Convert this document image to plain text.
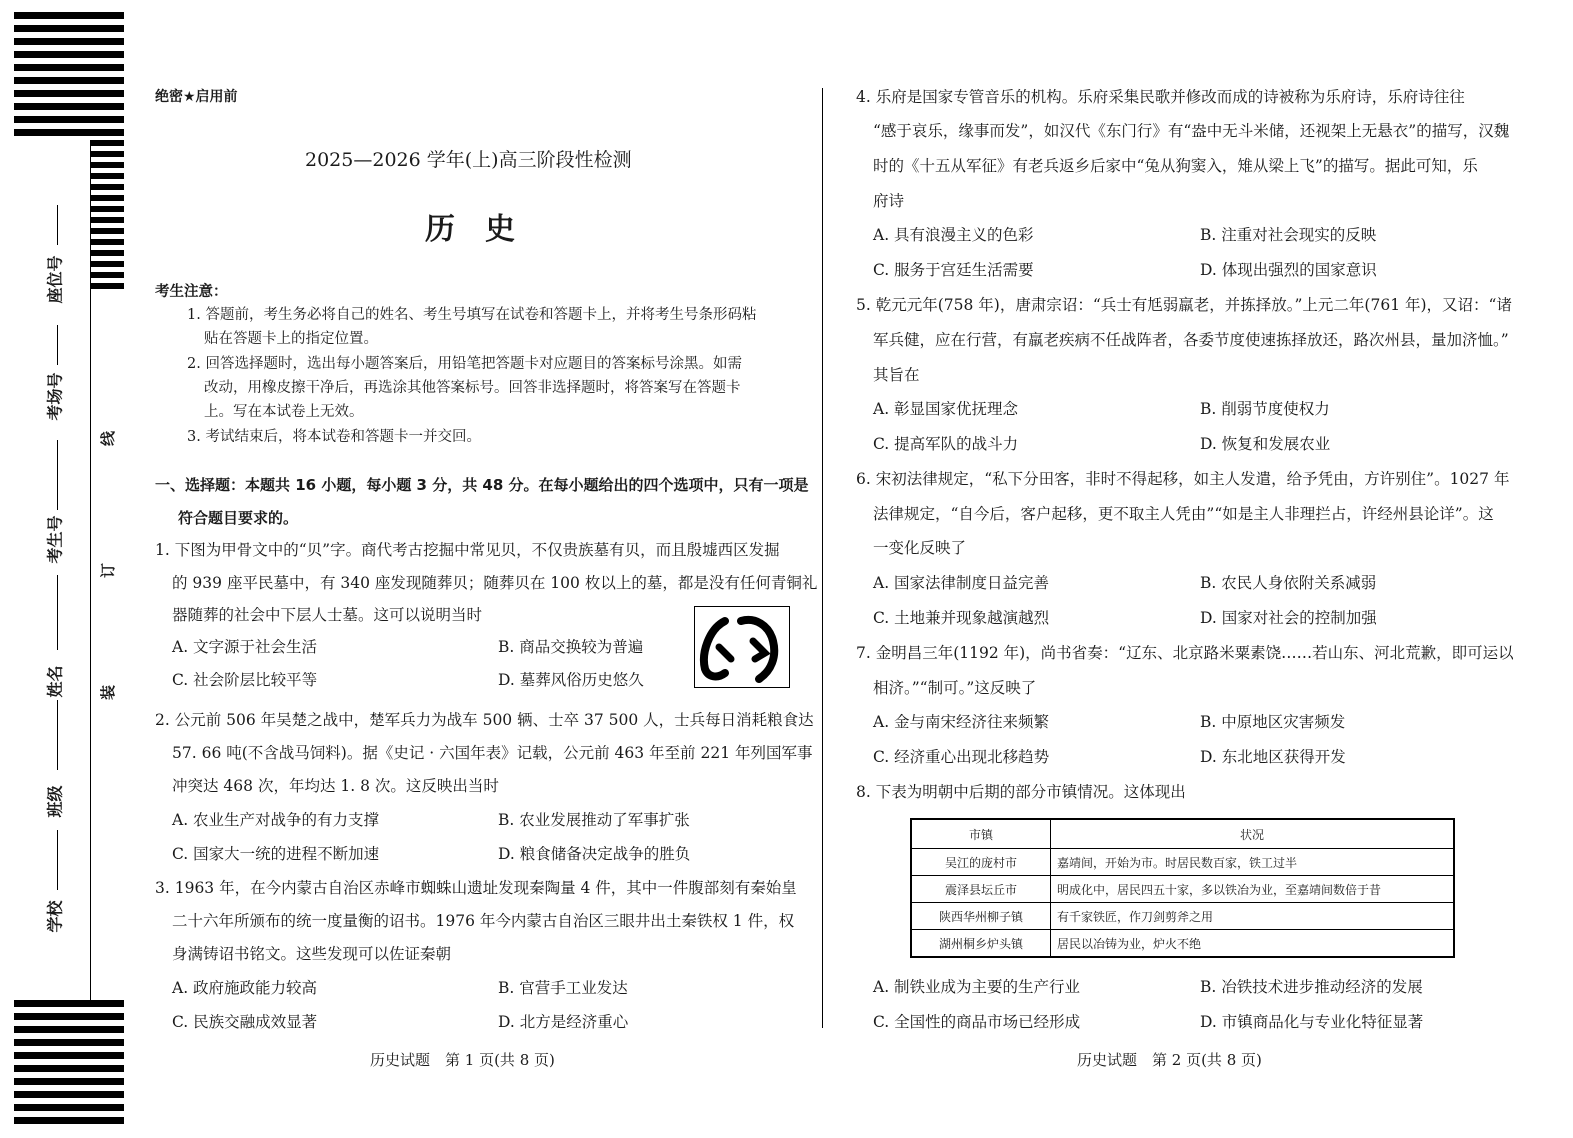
座位号
考场号
考生号
姓名
班级
学校
线
订
装
绝密★启用前
2025—2026 学年(上)高三阶段性检测
历　史
考生注意：
1. 答题前，考生务必将自己的姓名、考生号填写在试卷和答题卡上，并将考生号条形码粘
贴在答题卡上的指定位置。
2. 回答选择题时，选出每小题答案后，用铅笔把答题卡对应题目的答案标号涂黑。如需
改动，用橡皮擦干净后，再选涂其他答案标号。回答非选择题时，将答案写在答题卡
上。写在本试卷上无效。
3. 考试结束后，将本试卷和答题卡一并交回。
一、选择题：本题共 16 小题，每小题 3 分，共 48 分。在每小题给出的四个选项中，只有一项是
符合题目要求的。
1. 下图为甲骨文中的“贝”字。商代考古挖掘中常见贝，不仅贵族墓有贝，而且殷墟西区发掘
的 939 座平民墓中，有 340 座发现随葬贝；随葬贝在 100 枚以上的墓，都是没有任何青铜礼
器随葬的社会中下层人士墓。这可以说明当时
A. 文字源于社会生活	B. 商品交换较为普遍
C. 社会阶层比较平等	D. 墓葬风俗历史悠久
2. 公元前 506 年吴楚之战中，楚军兵力为战车 500 辆、士卒 37 500 人，士兵每日消耗粮食达
57. 66 吨(不含战马饲料)。据《史记 · 六国年表》记载，公元前 463 年至前 221 年列国军事
冲突达 468 次，年均达 1. 8 次。这反映出当时
A. 农业生产对战争的有力支撑	B. 农业发展推动了军事扩张
C. 国家大一统的进程不断加速	D. 粮食储备决定战争的胜负
3. 1963 年，在今内蒙古自治区赤峰市蜘蛛山遗址发现秦陶量 4 件，其中一件腹部刻有秦始皇
二十六年所颁布的统一度量衡的诏书。1976 年今内蒙古自治区三眼井出土秦铁权 1 件，权
身满铸诏书铭文。这些发现可以佐证秦朝
A. 政府施政能力较高	B. 官营手工业发达
C. 民族交融成效显著	D. 北方是经济重心
历史试题　第 1 页(共 8 页)
4. 乐府是国家专管音乐的机构。乐府采集民歌并修改而成的诗被称为乐府诗，乐府诗往往
“感于哀乐，缘事而发”，如汉代《东门行》有“盎中无斗米储，还视架上无悬衣”的描写，汉魏
时的《十五从军征》有老兵返乡后家中“兔从狗窦入，雉从梁上飞”的描写。据此可知，乐
府诗
A. 具有浪漫主义的色彩	B. 注重对社会现实的反映
C. 服务于宫廷生活需要	D. 体现出强烈的国家意识
5. 乾元元年(758 年)，唐肃宗诏：“兵士有尪弱羸老，并拣择放。”上元二年(761 年)，又诏：“诸
军兵健，应在行营，有羸老疾病不任战阵者，各委节度使速拣择放还，路次州县，量加济恤。”
其旨在
A. 彰显国家优抚理念	B. 削弱节度使权力
C. 提高军队的战斗力	D. 恢复和发展农业
6. 宋初法律规定，“私下分田客，非时不得起移，如主人发遣，给予凭由，方许别住”。1027 年
法律规定，“自今后，客户起移，更不取主人凭由”“如是主人非理拦占，许经州县论详”。这
一变化反映了
A. 国家法律制度日益完善	B. 农民人身依附关系减弱
C. 土地兼并现象越演越烈	D. 国家对社会的控制加强
7. 金明昌三年(1192 年)，尚书省奏：“辽东、北京路米粟素饶……若山东、河北荒歉，即可运以
相济。”“制可。”这反映了
A. 金与南宋经济往来频繁	B. 中原地区灾害频发
C. 经济重心出现北移趋势	D. 东北地区获得开发
8. 下表为明朝中后期的部分市镇情况。这体现出
市镇	状况
吴江的庞村市	嘉靖间，开始为市。时居民数百家，铁工过半
震泽县坛丘市	明成化中，居民四五十家，多以铁冶为业，至嘉靖间数倍于昔
陕西华州柳子镇	有千家铁匠，作刀剑剪斧之用
湖州桐乡炉头镇	居民以冶铸为业，炉火不绝
A. 制铁业成为主要的生产行业	B. 冶铁技术进步推动经济的发展
C. 全国性的商品市场已经形成	D. 市镇商品化与专业化特征显著
历史试题　第 2 页(共 8 页)
